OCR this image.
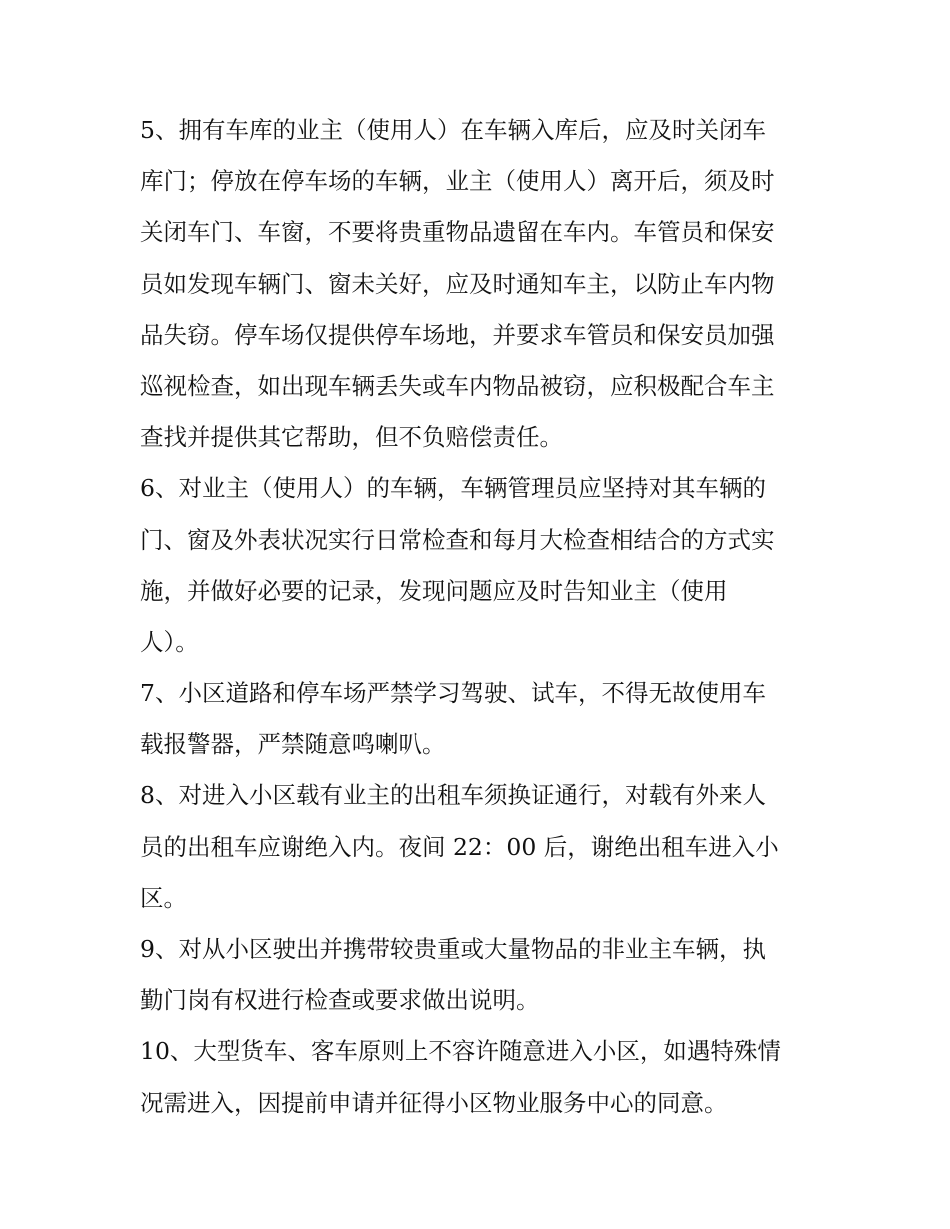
5、拥有车库的业主（使用人）在车辆入库后，应及时关闭车
库门；停放在停车场的车辆，业主（使用人）离开后，须及时
关闭车门、车窗，不要将贵重物品遗留在车内。车管员和保安
员如发现车辆门、窗未关好，应及时通知车主，以防止车内物
品失窃。停车场仅提供停车场地，并要求车管员和保安员加强
巡视检查，如出现车辆丢失或车内物品被窃，应积极配合车主
查找并提供其它帮助，但不负赔偿责任。
6、对业主（使用人）的车辆，车辆管理员应坚持对其车辆的
门、窗及外表状况实行日常检查和每月大检查相结合的方式实
施，并做好必要的记录，发现问题应及时告知业主（使用
人）。
7、小区道路和停车场严禁学习驾驶、试车，不得无故使用车
载报警器，严禁随意鸣喇叭。
8、对进入小区载有业主的出租车须换证通行，对载有外来人
员的出租车应谢绝入内。夜间 22：00 后，谢绝出租车进入小
区。
9、对从小区驶出并携带较贵重或大量物品的非业主车辆，执
勤门岗有权进行检查或要求做出说明。
10、大型货车、客车原则上不容许随意进入小区，如遇特殊情
况需进入，因提前申请并征得小区物业服务中心的同意。
